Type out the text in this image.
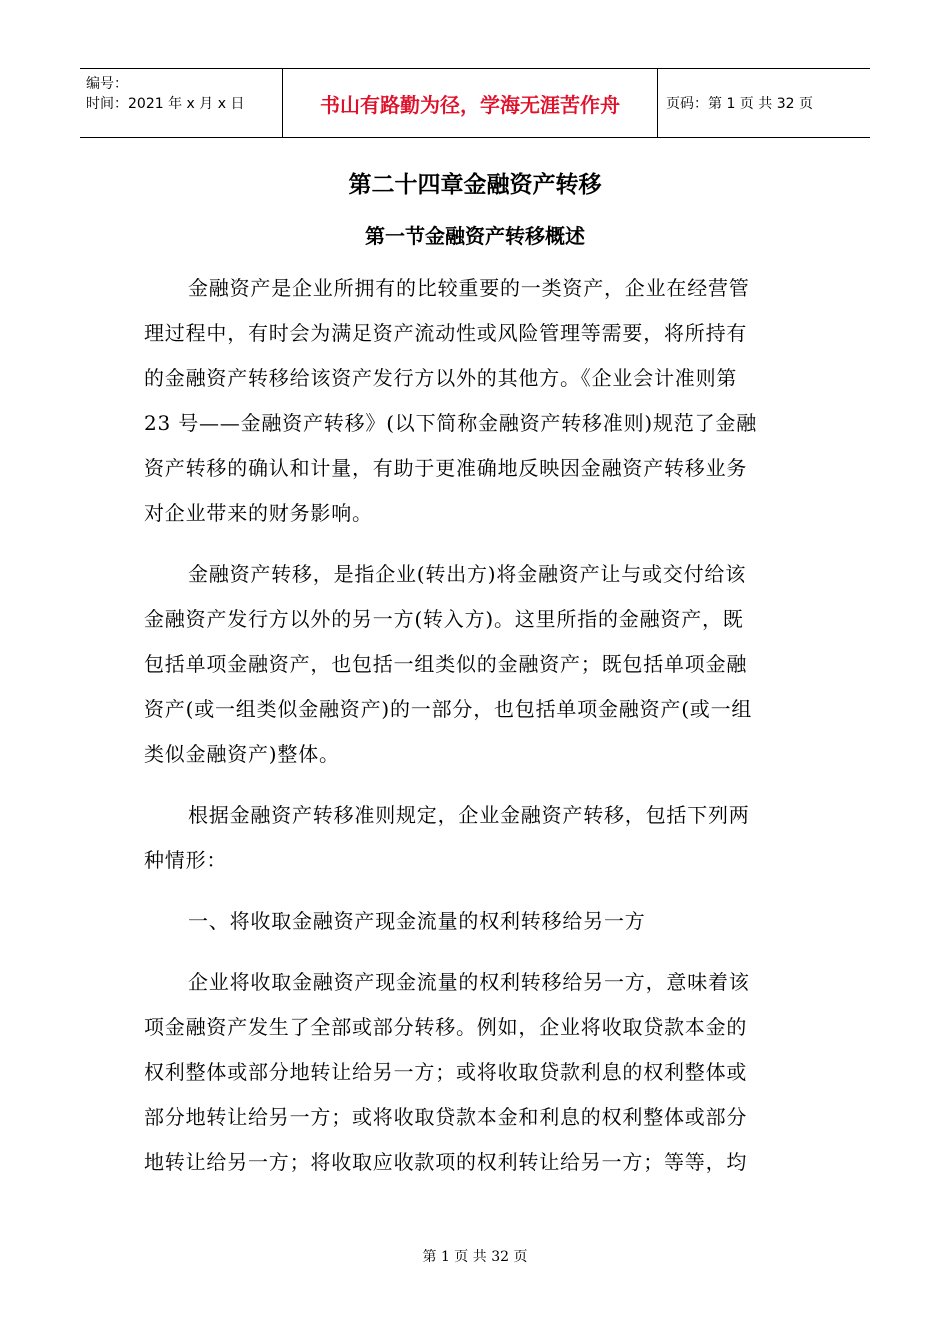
编号：
时间：2021 年 x 月 x 日	书山有路勤为径，学海无涯苦作舟	页码：第 1 页 共 32 页
第二十四章金融资产转移
第一节金融资产转移概述
金融资产是企业所拥有的比较重要的一类资产，企业在经营管
理过程中，有时会为满足资产流动性或风险管理等需要，将所持有
的金融资产转移给该资产发行方以外的其他方。《企业会计准则第
23 号——金融资产转移》(以下简称金融资产转移准则)规范了金融
资产转移的确认和计量，有助于更准确地反映因金融资产转移业务
对企业带来的财务影响。
金融资产转移，是指企业(转出方)将金融资产让与或交付给该
金融资产发行方以外的另一方(转入方)。这里所指的金融资产，既
包括单项金融资产，也包括一组类似的金融资产；既包括单项金融
资产(或一组类似金融资产)的一部分，也包括单项金融资产(或一组
类似金融资产)整体。
根据金融资产转移准则规定，企业金融资产转移，包括下列两
种情形：
一、将收取金融资产现金流量的权利转移给另一方
企业将收取金融资产现金流量的权利转移给另一方，意味着该
项金融资产发生了全部或部分转移。例如，企业将收取贷款本金的
权利整体或部分地转让给另一方；或将收取贷款利息的权利整体或
部分地转让给另一方；或将收取贷款本金和利息的权利整体或部分
地转让给另一方；将收取应收款项的权利转让给另一方；等等，均
第 1 页 共 32 页
